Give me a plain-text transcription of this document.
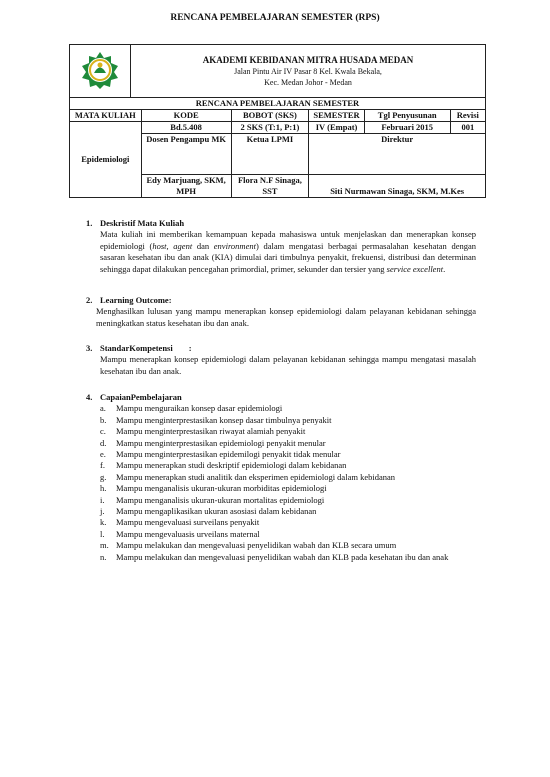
RENCANA PEMBELAJARAN SEMESTER (RPS)

AKADEMI KEBIDANAN MITRA HUSADA MEDAN
Jalan Pintu Air IV Pasar 8 Kel. Kwala Bekala,
Kec. Medan Johor - Medan
RENCANA PEMBELAJARAN SEMESTER					
MATA KULIAH	KODE	BOBOT (SKS)	SEMESTER	Tgl Penyusunan	Revisi
Epidemiologi	Bd.5.408	2 SKS (T:1, P:1)	IV (Empat)	Februari 2015	001
	Dosen Pengampu MK	Ketua LPMI	Direktur		
	Edy Marjuang, SKM, MPH	Flora N.F Sinaga, SST	Siti Nurmawan Sinaga, SKM, M.Kes		
1. Deskristif Mata Kuliah
Mata kuliah ini memberikan kemampuan kepada mahasiswa untuk menjelaskan dan menerapkan konsep epidemiologi (host, agent dan environment) dalam mengatasi berbagai permasalahan kesehatan dengan sasaran kesehatan ibu dan anak (KIA) dimulai dari timbulnya penyakit, frekuensi, distribusi dan determinan sehingga dapat dilakukan pencegahan primordial, primer, sekunder dan tersier yang service excellent.
2. Learning Outcome:
Menghasilkan lulusan yang mampu menerapkan konsep epidemiologi dalam pelayanan kebidanan sehingga meningkatkan status kesehatan ibu dan anak.
3. StandarKompetensi :
Mampu menerapkan konsep epidemiologi dalam pelayanan kebidanan sehingga mampu mengatasi masalah kesehatan ibu dan anak.
4. CapaianPembelajaran
a. Mampu menguraikan konsep dasar epidemiologi
b. Mampu menginterprestasikan konsep dasar timbulnya penyakit
c. Mampu menginterprestasikan riwayat alamiah penyakit
d. Mampu menginterprestasikan epidemiologi penyakit menular
e. Mampu menginterprestasikan epidemilogi penyakit tidak menular
f. Mampu menerapkan studi deskriptif epidemiologi dalam kebidanan
g. Mampu menerapkan studi analitik dan eksperimen epidemiologi dalam kebidanan
h. Mampu menganalisis ukuran-ukuran morbiditas epidemiologi
i. Mampu menganalisis ukuran-ukuran mortalitas epidemiologi
j. Mampu mengaplikasikan ukuran asosiasi dalam kebidanan
k. Mampu mengevaluasi surveilans penyakit
l. Mampu mengevaluasis urveilans maternal
m. Mampu melakukan dan mengevaluasi penyelidikan wabah dan KLB secara umum
n. Mampu melakukan dan mengevaluasi penyelidikan wabah dan KLB pada kesehatan ibu dan anak
